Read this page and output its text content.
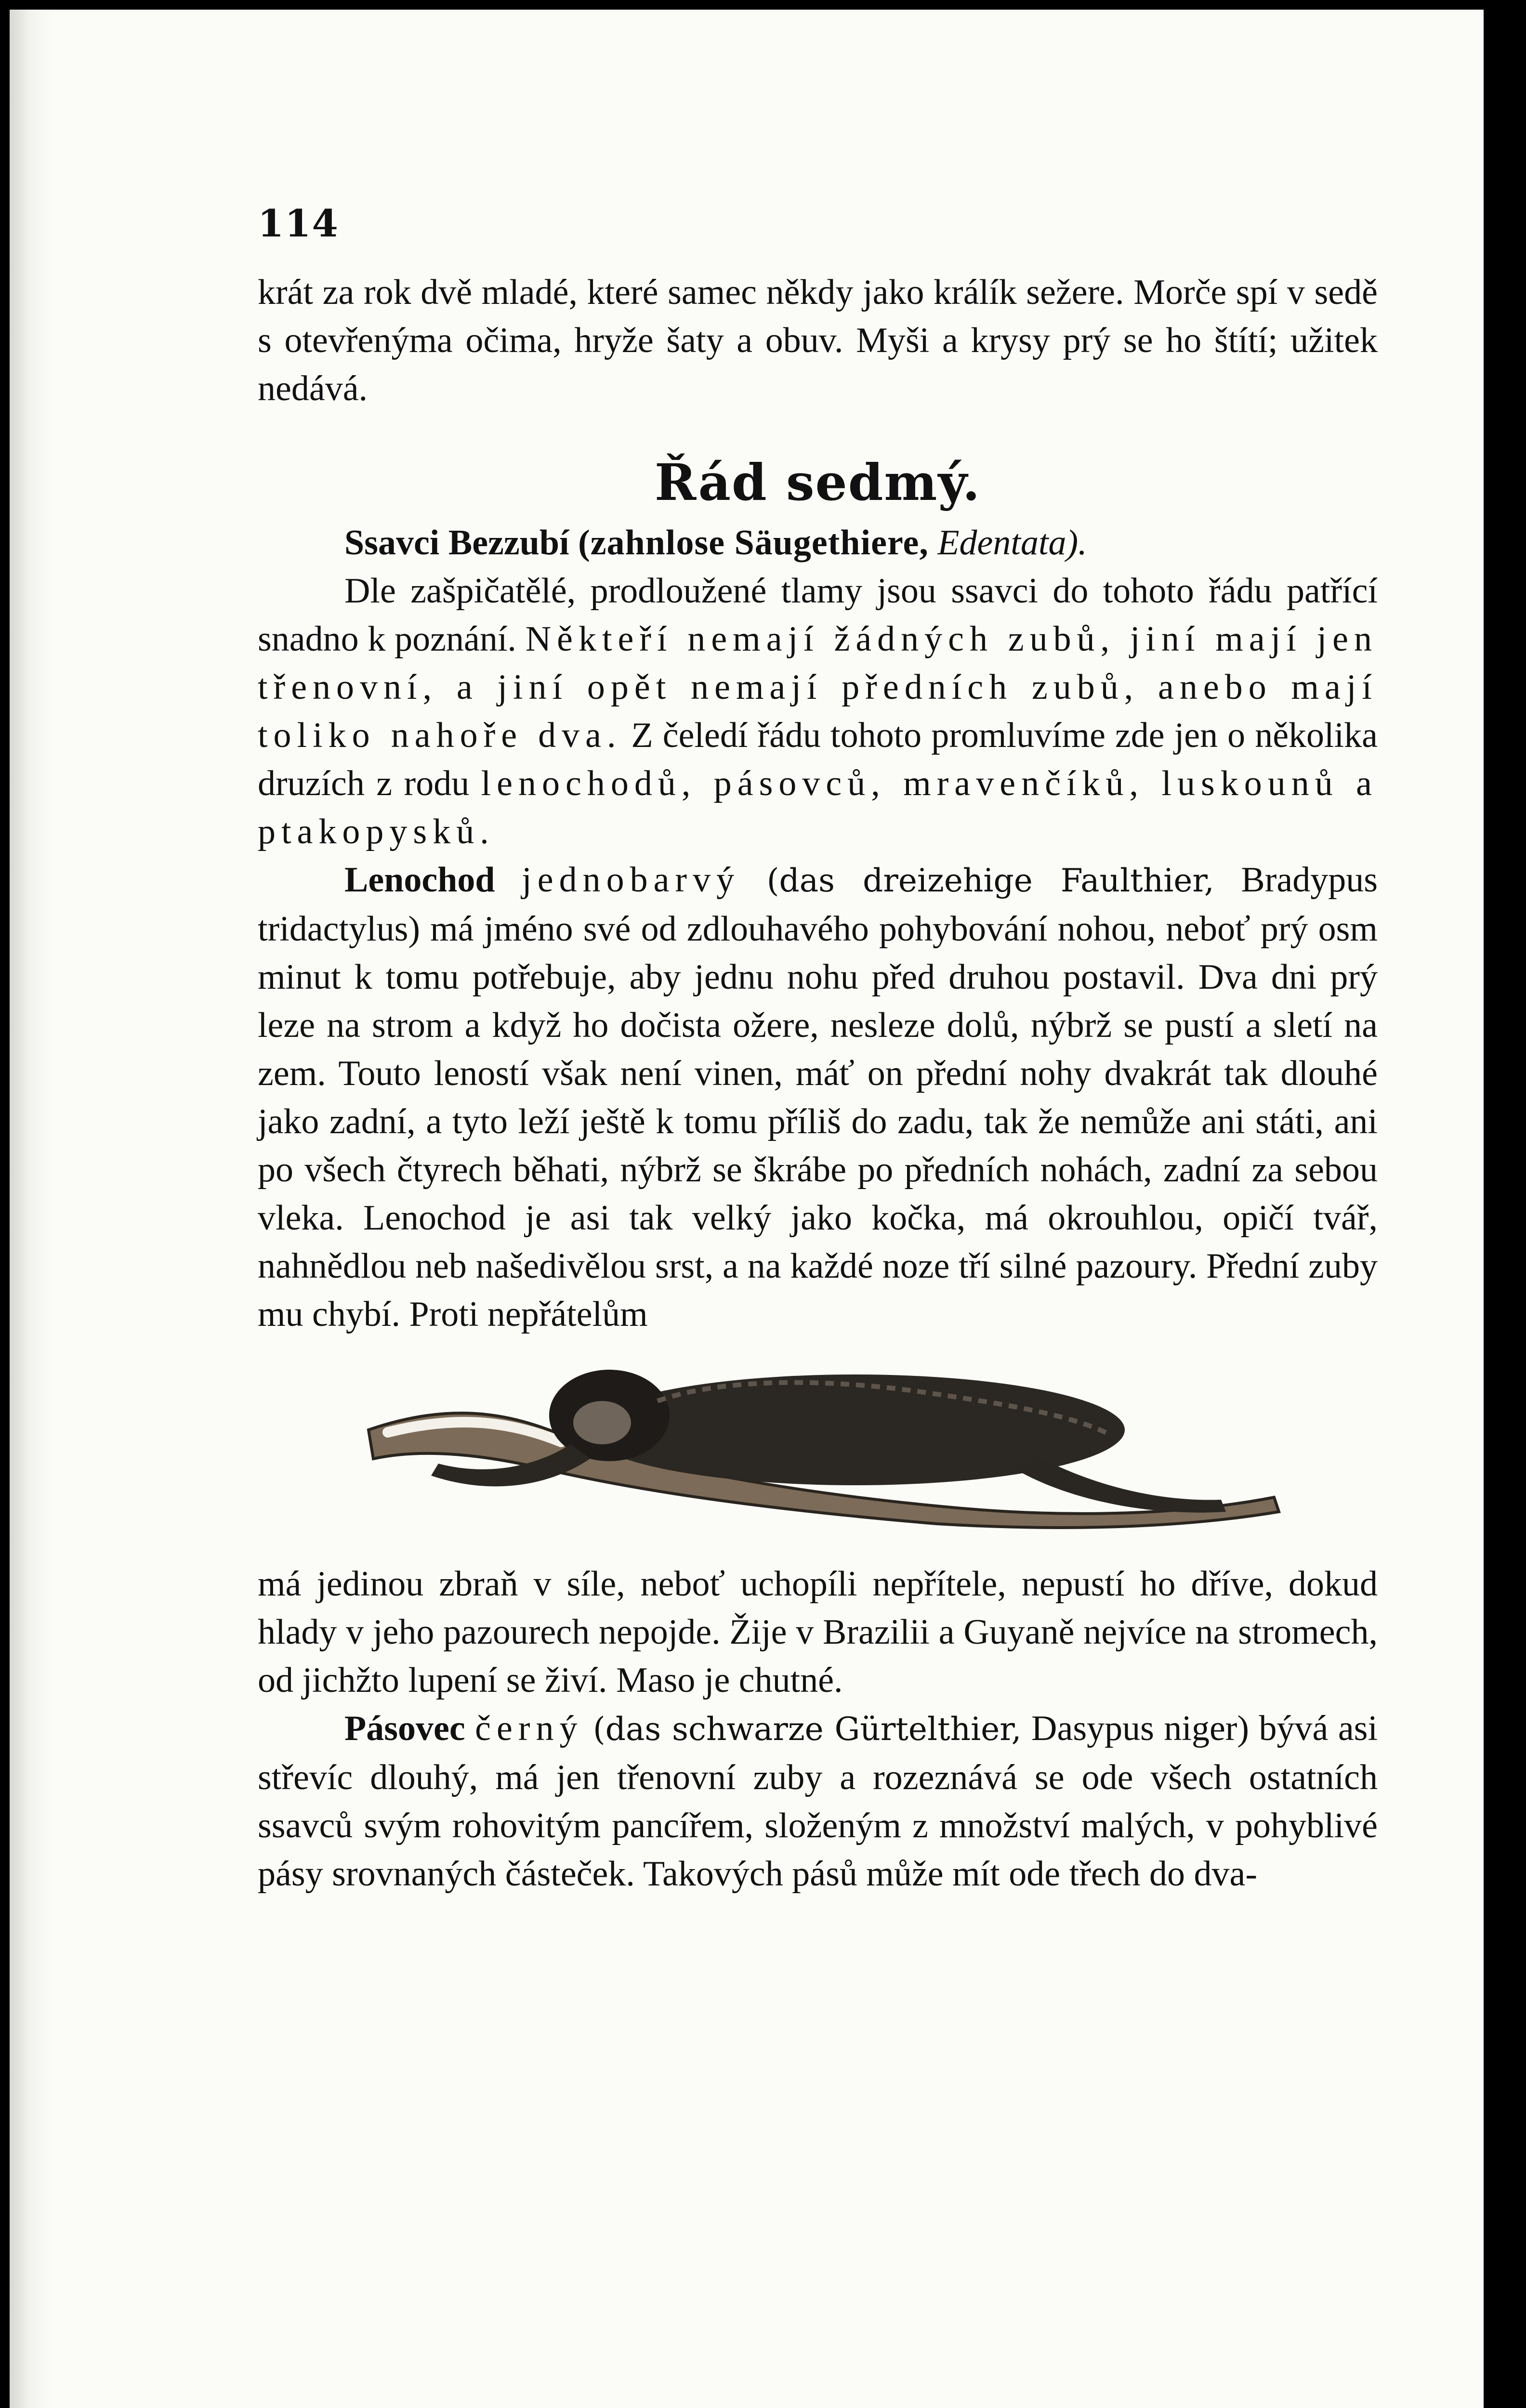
114

krát za rok dvě mladé, které samec někdy jako králík sežere. Morče spí v sedě s otevřenýma očima, hryže šaty a obuv. Myši a krysy prý se ho štítí; užitek nedává.

Řád sedmý.
Ssavci Bezzubí (zahnlose Säugethiere, Edentata).

Dle zašpičatělé, prodloužené tlamy jsou ssavci do tohoto řádu patřící snadno k poznání. Někteří nemají žádných zubů, jiní mají jen třenovní, a jiní opět nemají předních zubů, anebo mají toliko nahoře dva. Z čeledí řádu tohoto promluvíme zde jen o několika druzích z rodu lenochodů, pásovců, mravenčíků, luskounů a ptakopysků.

Lenochod jednobarvý (das dreizehige Faulthier, Bradypus tridactylus) má jméno své od zdlouhavého pohybování nohou, neboť prý osm minut k tomu potřebuje, aby jednu nohu před druhou postavil. Dva dni prý leze na strom a když ho dočista ožere, nesleze dolů, nýbrž se pustí a sletí na zem. Touto leností však není vinen, máť on přední nohy dvakrát tak dlouhé jako zadní, a tyto leží ještě k tomu příliš do zadu, tak že nemůže ani státi, ani po všech čtyrech běhati, nýbrž se škrábe po předních nohách, zadní za sebou vleka. Lenochod je asi tak velký jako kočka, má okrouhlou, opičí tvář, nahnědlou neb našedivělou srst, a na každé noze tří silné pazoury. Přední zuby mu chybí. Proti nepřátelům

má jedinou zbraň v síle, neboť uchopíli nepřítele, nepustí ho dříve, dokud hlady v jeho pazourech nepojde. Žije v Brazilii a Guyaně nejvíce na stromech, od jichžto lupení se živí. Maso je chutné.

Pásovec černý (das schwarze Gürtelthier, Dasypus niger) bývá asi střevíc dlouhý, má jen třenovní zuby a rozeznává se ode všech ostatních ssavců svým rohovitým pancířem, složeným z množství malých, v pohyblivé pásy srovnaných částeček. Takových pásů může mít ode třech do dva-
